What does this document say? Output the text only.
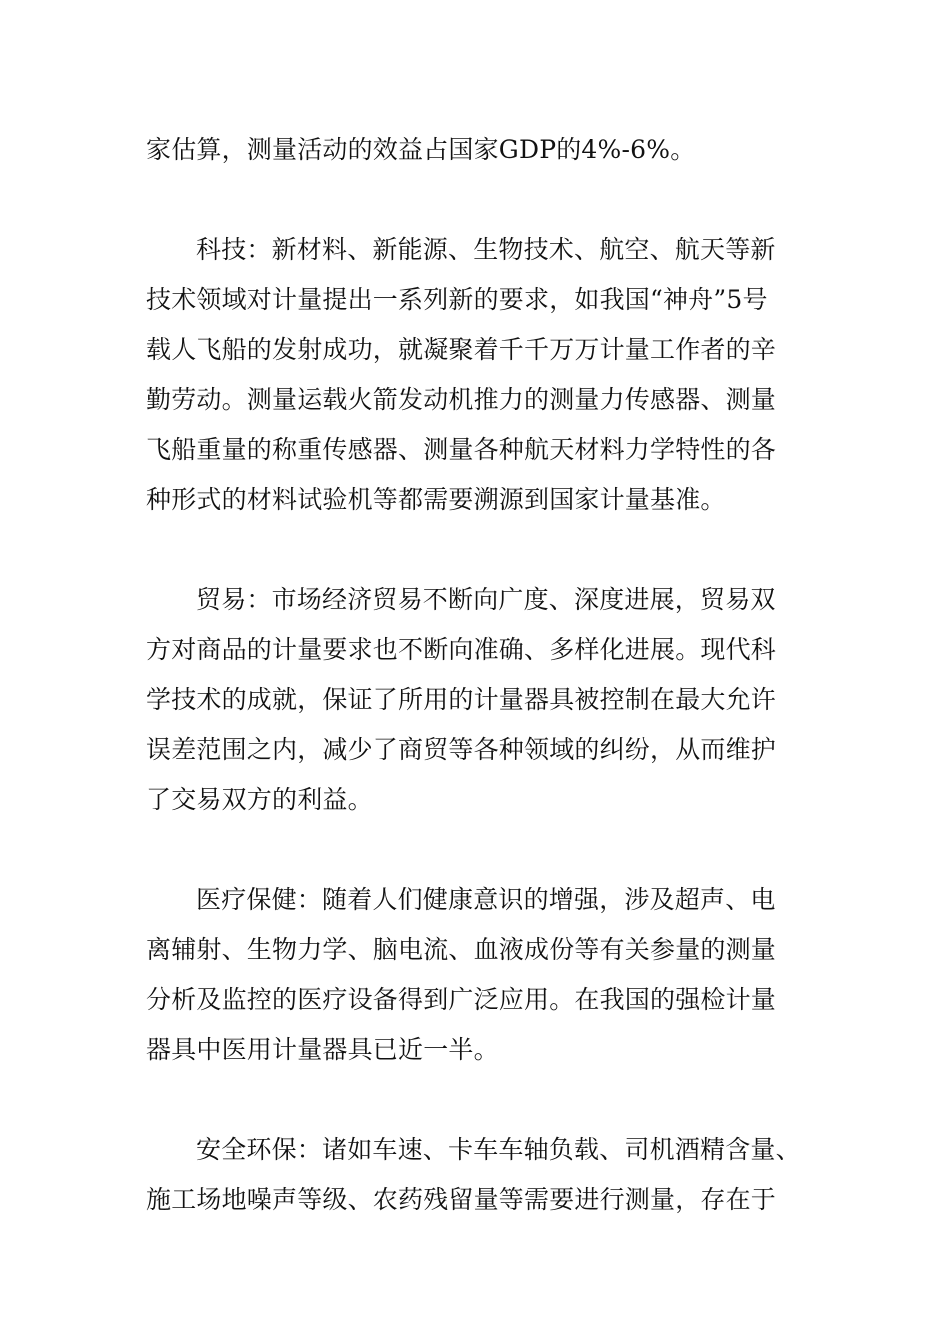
家估算，测量活动的效益占国家GDP的4%-6%。
科技：新材料、新能源、生物技术、航空、航天等新
技术领域对计量提出一系列新的要求，如我国“神舟”5号
载人飞船的发射成功，就凝聚着千千万万计量工作者的辛
勤劳动。测量运载火箭发动机推力的测量力传感器、测量
飞船重量的称重传感器、测量各种航天材料力学特性的各
种形式的材料试验机等都需要溯源到国家计量基准。
贸易：市场经济贸易不断向广度、深度进展，贸易双
方对商品的计量要求也不断向准确、多样化进展。现代科
学技术的成就，保证了所用的计量器具被控制在最大允许
误差范围之内，减少了商贸等各种领域的纠纷，从而维护
了交易双方的利益。
医疗保健：随着人们健康意识的增强，涉及超声、电
离辅射、生物力学、脑电流、血液成份等有关参量的测量
分析及监控的医疗设备得到广泛应用。在我国的强检计量
器具中医用计量器具已近一半。
安全环保：诸如车速、卡车车轴负载、司机酒精含量、
施工场地噪声等级、农药残留量等需要进行测量，存在于
